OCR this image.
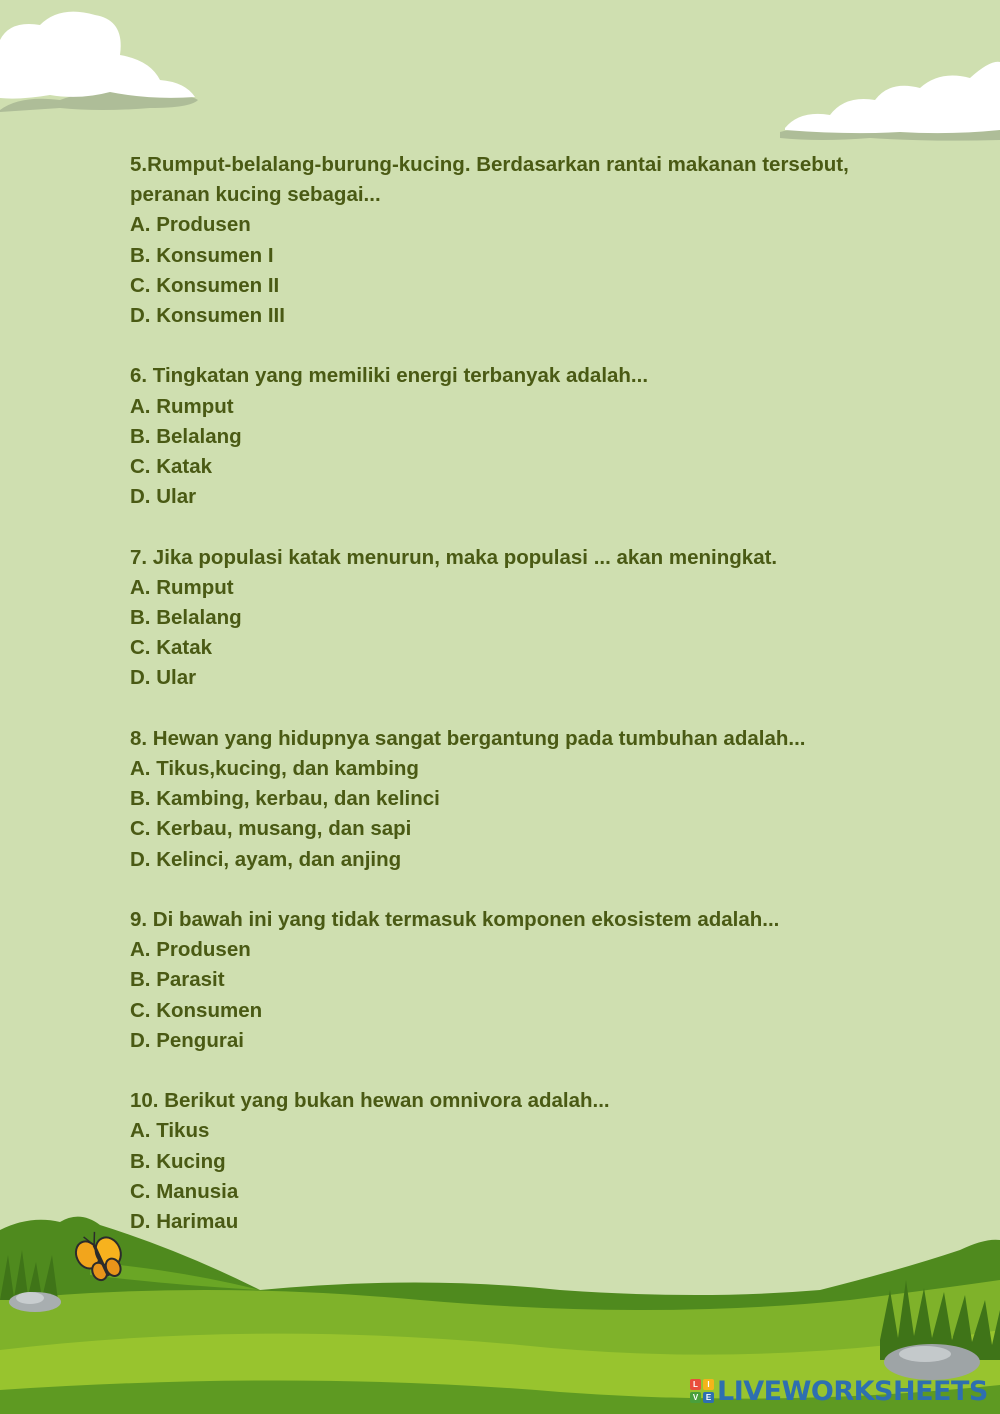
5.Rumput-belalang-burung-kucing. Berdasarkan rantai makanan tersebut, peranan kucing sebagai...
A. Produsen
B. Konsumen I
C. Konsumen II
D. Konsumen III
6. Tingkatan yang memiliki energi terbanyak adalah...
A. Rumput
B. Belalang
C. Katak
D. Ular
7. Jika populasi katak menurun, maka populasi ... akan meningkat.
A. Rumput
B. Belalang
C. Katak
D. Ular
8. Hewan yang hidupnya sangat bergantung pada tumbuhan adalah...
A. Tikus,kucing, dan kambing
B. Kambing, kerbau, dan kelinci
C. Kerbau, musang, dan sapi
D. Kelinci, ayam, dan anjing
9. Di bawah ini yang tidak termasuk komponen ekosistem adalah...
A. Produsen
B. Parasit
C. Konsumen
D. Pengurai
10. Berikut yang bukan hewan omnivora adalah...
A. Tikus
B. Kucing
C. Manusia
D. Harimau
L	I
V E LIVEWORKSHEETS
